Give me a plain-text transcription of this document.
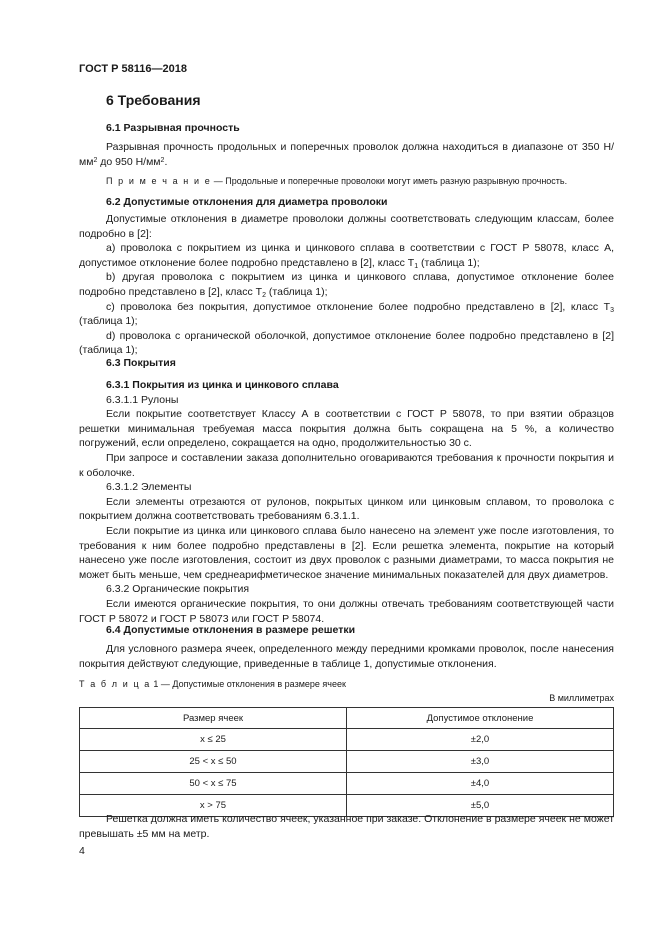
ГОСТ Р 58116—2018
6 Требования
6.1 Разрывная прочность
Разрывная прочность продольных и поперечных проволок должна находиться в диапазоне от 350 $Н/мм^2$ до 950 $Н/мм^2$.
П р и м е ч а н и е — Продольные и поперечные проволоки могут иметь разную разрывную прочность.
6.2 Допустимые отклонения для диаметра проволоки
Допустимые отклонения в диаметре проволоки должны соответствовать следующим классам, более подробно в [2]:
а) проволока с покрытием из цинка и цинкового сплава в соответствии с ГОСТ Р 58078, класс А, допустимое отклонение более подробно представлено в [2], класс $Т_1$ (таблица 1);
b) другая проволока с покрытием из цинка и цинкового сплава, допустимое отклонение более подробно представлено в [2], класс $Т_2$ (таблица 1);
c) проволока без покрытия, допустимое отклонение более подробно представлено в [2], класс $Т_3$ (таблица 1);
d) проволока с органической оболочкой, допустимое отклонение более подробно представлено в [2] (таблица 1);
6.3 Покрытия
6.3.1 Покрытия из цинка и цинкового сплава
6.3.1.1 Рулоны
Если покрытие соответствует Классу А в соответствии с ГОСТ Р 58078, то при взятии образцов решетки минимальная требуемая масса покрытия должна быть сокращена на 5 %, а количество погружений, если определено, сокращается на одно, продолжительностью 30 с.
При запросе и составлении заказа дополнительно оговариваются требования к прочности покрытия и к оболочке.
6.3.1.2 Элементы
Если элементы отрезаются от рулонов, покрытых цинком или цинковым сплавом, то проволока с покрытием должна соответствовать требованиям 6.3.1.1.
Если покрытие из цинка или цинкового сплава было нанесено на элемент уже после изготовления, то требования к ним более подробно представлены в [2]. Если решетка элемента, покрытие на который нанесено уже после изготовления, состоит из двух проволок с разными диаметрами, то масса покрытия не может быть меньше, чем среднеарифметическое значение минимальных показателей для двух диаметров.
6.3.2 Органические покрытия
Если имеются органические покрытия, то они должны отвечать требованиям соответствующей части ГОСТ Р 58072 и ГОСТ Р 58073 или ГОСТ Р 58074.
6.4 Допустимые отклонения в размере решетки
Для условного размера ячеек, определенного между передними кромками проволок, после нанесения покрытия действуют следующие, приведенные в таблице 1, допустимые отклонения.
Т а б л и ц а 1 — Допустимые отклонения в размере ячеек
В миллиметрах
Размер ячеек	Допустимое отклонение
x ≤ 25	±2,0
25 < x ≤ 50	±3,0
50 < x ≤ 75	±4,0
x > 75	±5,0
Решетка должна иметь количество ячеек, указанное при заказе. Отклонение в размере ячеек не может превышать ±5 мм на метр.
4
